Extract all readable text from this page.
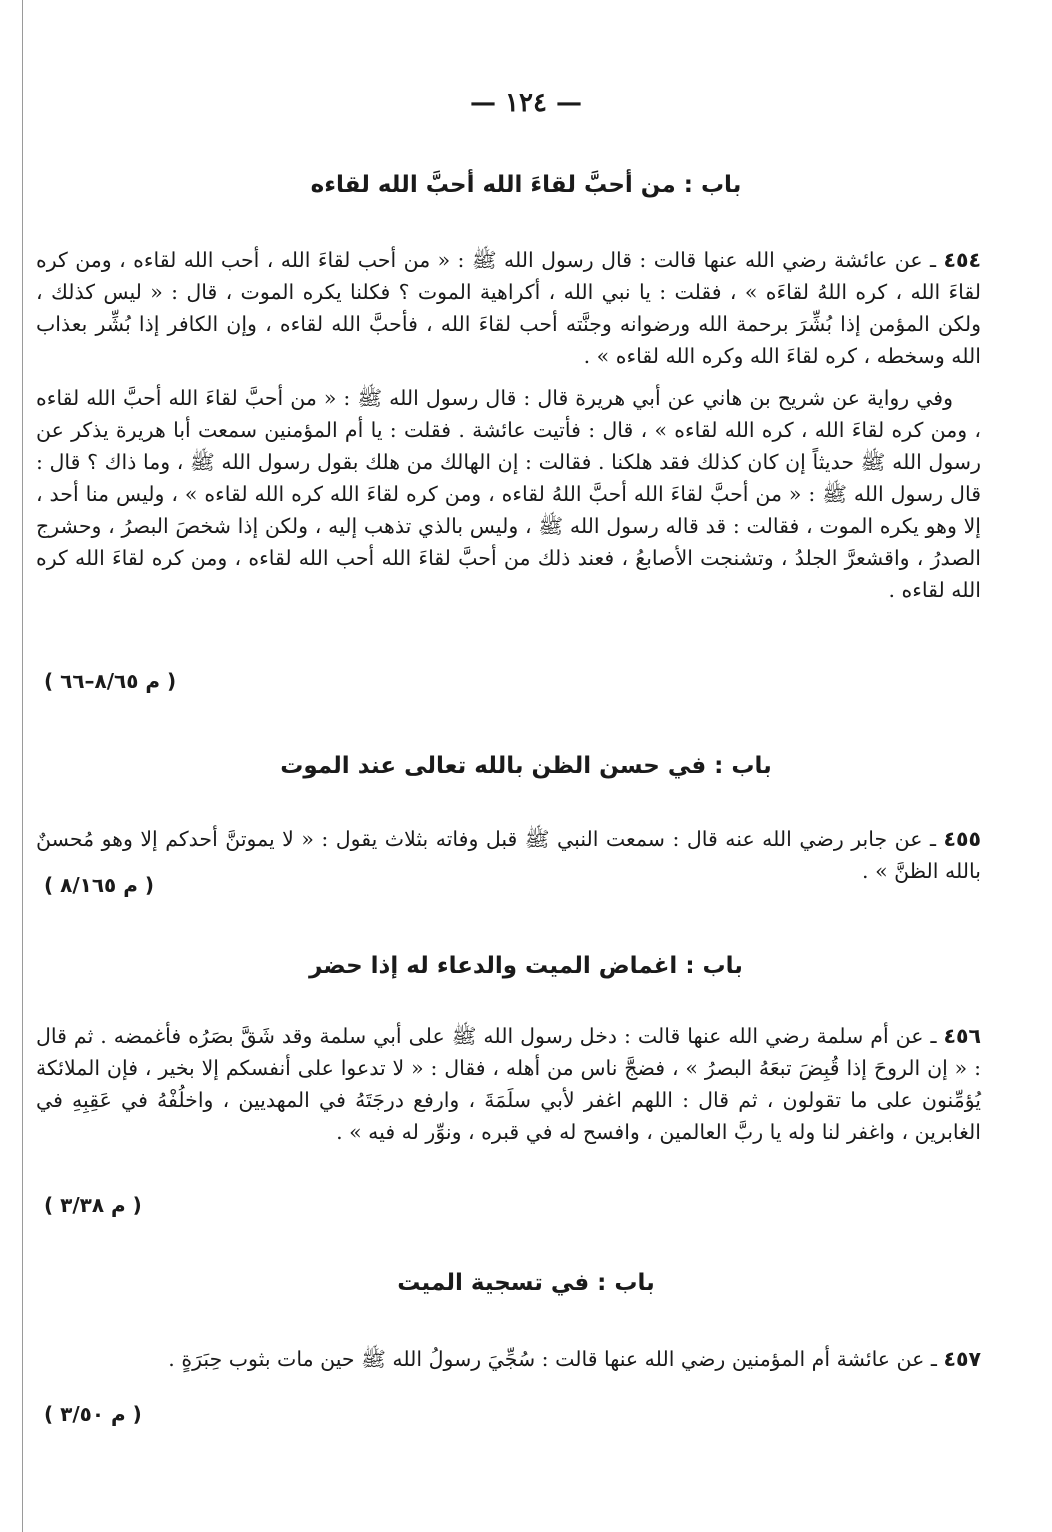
— ١٢٤ —
باب : من أحبَّ لقاءَ الله أحبَّ الله لقاءه

٤٥٤ ـ عن عائشة رضي الله عنها قالت : قال رسول الله ﷺ : « من أحب لقاءَ الله ، أحب الله لقاءه ، ومن كره لقاءَ الله ، كره اللهُ لقاءَه » ، فقلت : يا نبي الله ، أكراهية الموت ؟ فكلنا يكره الموت ، قال : « ليس كذلك ، ولكن المؤمن إذا بُشِّرَ برحمة الله ورضوانه وجنَّته أحب لقاءَ الله ، فأحبَّ الله لقاءه ، وإن الكافر إذا بُشِّر بعذاب الله وسخطه ، كره لقاءَ الله وكره الله لقاءه » .

وفي رواية عن شريح بن هاني عن أبي هريرة قال : قال رسول الله ﷺ : « من أحبَّ لقاءَ الله أحبَّ الله لقاءه ، ومن كره لقاءَ الله ، كره الله لقاءه » ، قال : فأتيت عائشة . فقلت : يا أم المؤمنين سمعت أبا هريرة يذكر عن رسول الله ﷺ حديثاً إن كان كذلك فقد هلكنا . فقالت : إن الهالك من هلك بقول رسول الله ﷺ ، وما ذاك ؟ قال : قال رسول الله ﷺ : « من أحبَّ لقاءَ الله أحبَّ اللهُ لقاءه ، ومن كره لقاءَ الله كره الله لقاءه » ، وليس منا أحد ، إلا وهو يكره الموت ، فقالت : قد قاله رسول الله ﷺ ، وليس بالذي تذهب إليه ، ولكن إذا شخصَ البصرُ ، وحشرج الصدرُ ، واقشعرَّ الجلدُ ، وتشنجت الأصابعُ ، فعند ذلك من أحبَّ لقاءَ الله أحب الله لقاءه ، ومن كره لقاءَ الله كره الله لقاءه .

( م ٨/٦٥–٦٦ )
باب : في حسن الظن بالله تعالى عند الموت

٤٥٥ ـ عن جابر رضي الله عنه قال : سمعت النبي ﷺ قبل وفاته بثلاث يقول : « لا يموتنَّ أحدكم إلا وهو مُحسنٌ بالله الظنَّ » .

( م ٨/١٦٥ )
باب : اغماض الميت والدعاء له إذا حضر

٤٥٦ ـ عن أم سلمة رضي الله عنها قالت : دخل رسول الله ﷺ على أبي سلمة وقد شَقَّ بصَرُه فأغمضه . ثم قال : « إن الروحَ إذا قُبِضَ تبعَهُ البصرُ » ، فضجَّ ناس من أهله ، فقال : « لا تدعوا على أنفسكم إلا بخير ، فإن الملائكة يُؤمِّنون على ما تقولون ، ثم قال : اللهم اغفر لأبي سلَمَةَ ، وارفع درجَتَهُ في المهديين ، واخلُفْهُ في عَقِبِهِ في الغابرين ، واغفر لنا وله يا ربَّ العالمين ، وافسح له في قبره ، ونوِّر له فيه » .

( م ٣/٣٨ )
باب : في تسجية الميت

٤٥٧ ـ عن عائشة أم المؤمنين رضي الله عنها قالت : سُجِّيَ رسولُ الله ﷺ حين مات بثوب حِبَرَةٍ .

( م ٣/٥٠ )
